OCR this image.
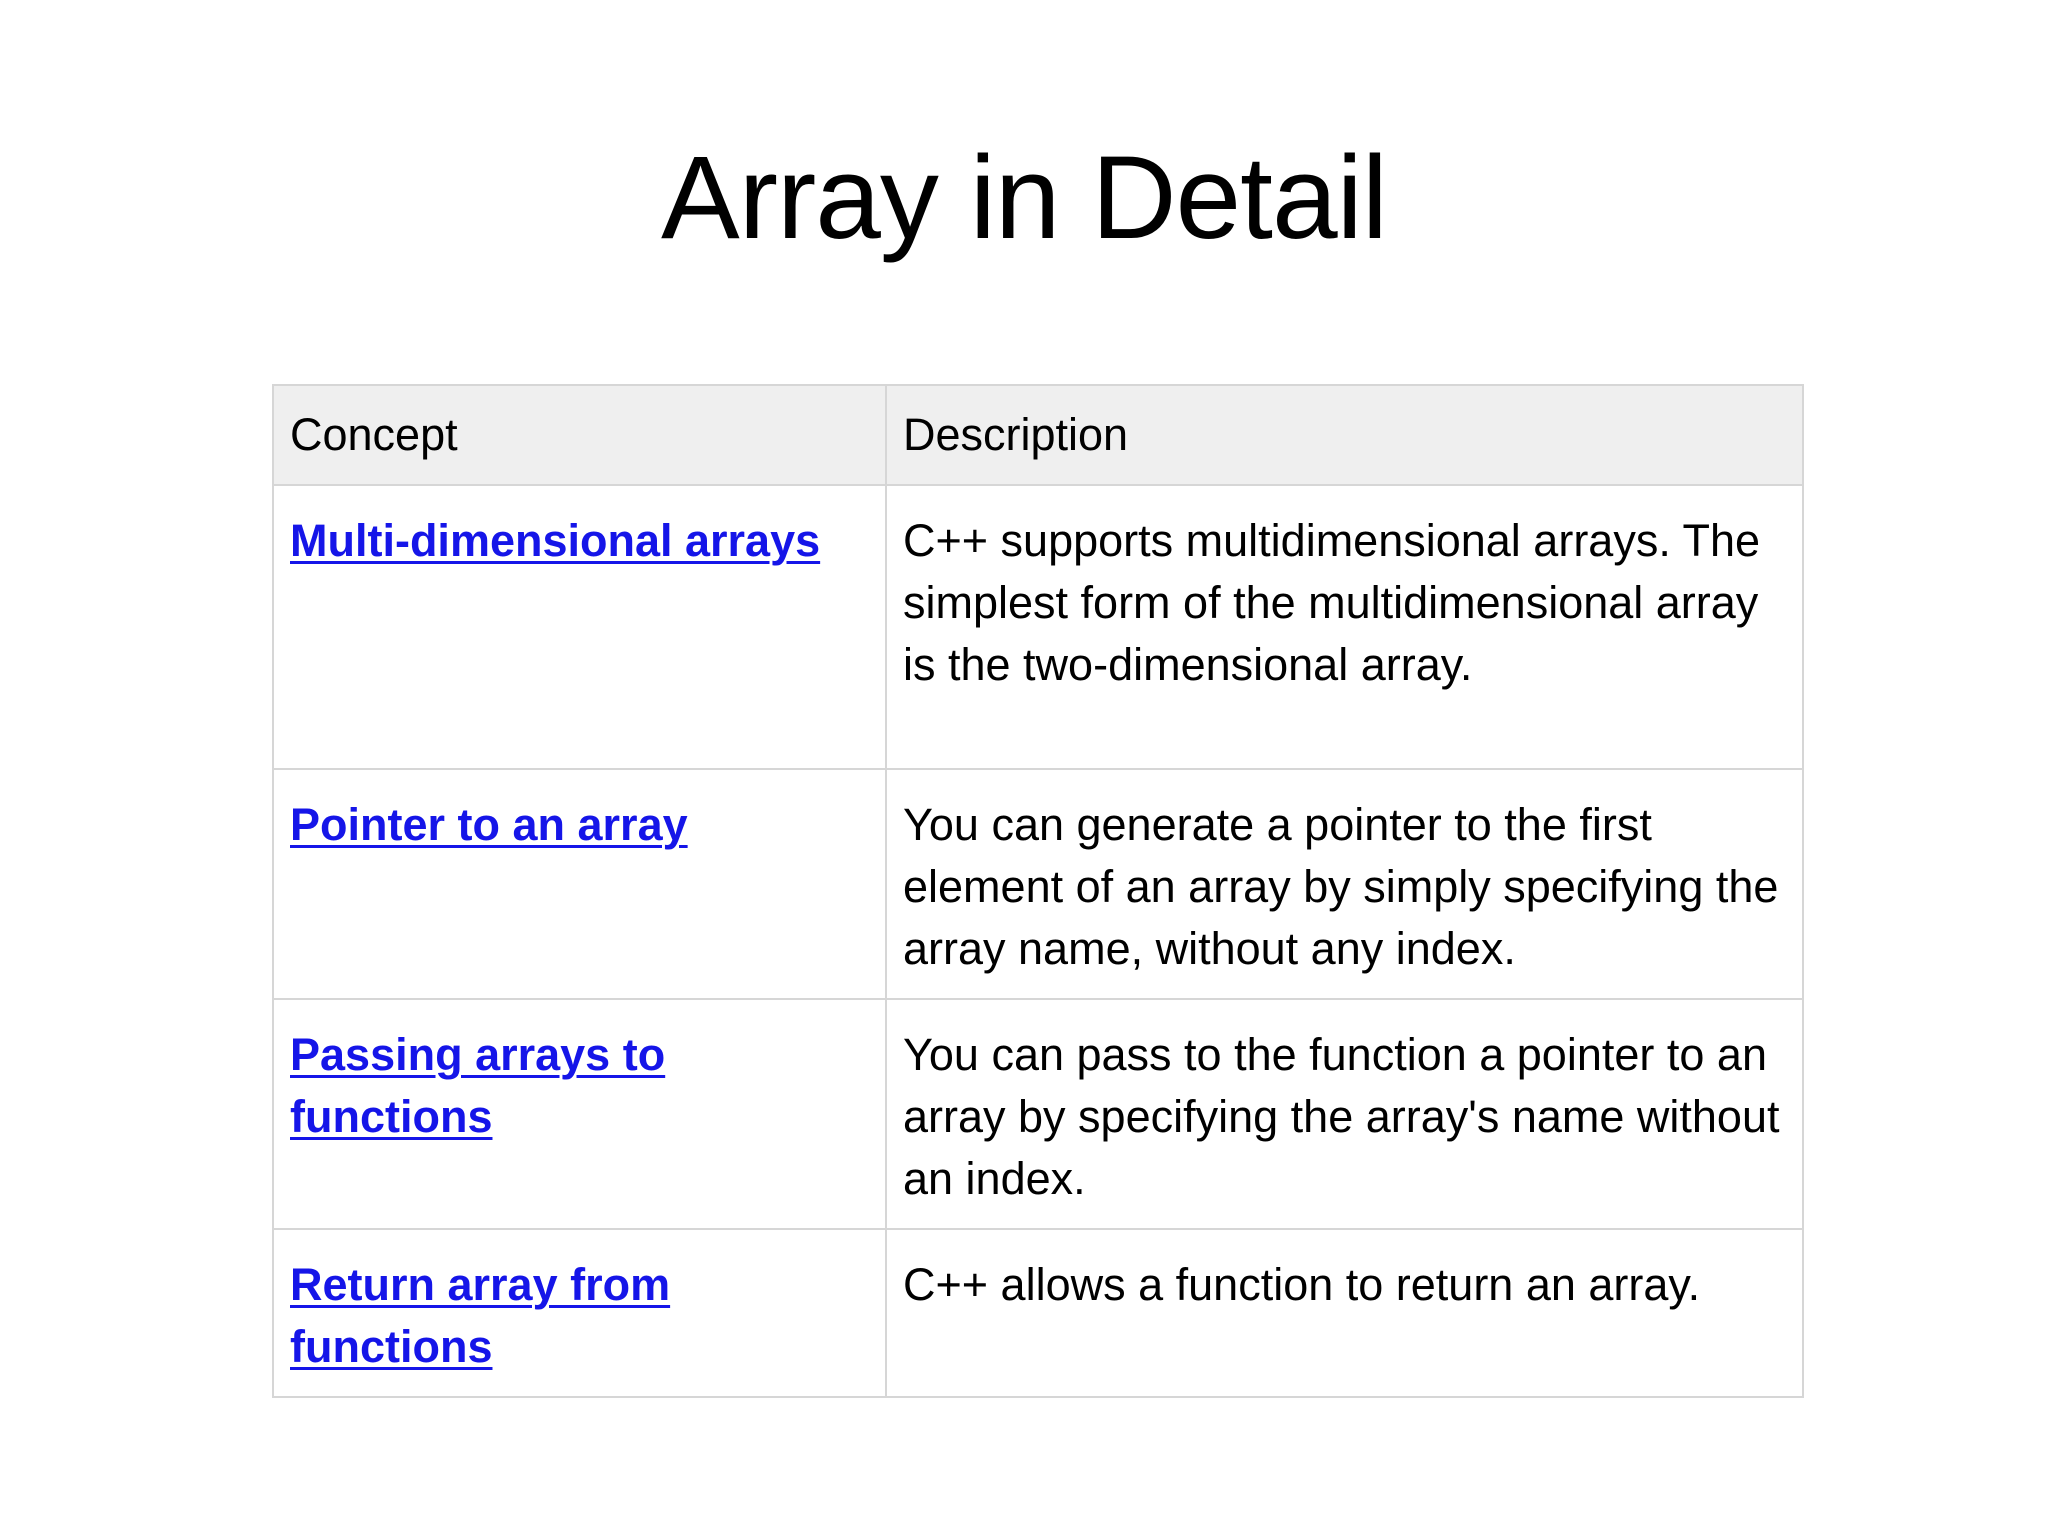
Array in Detail
Concept	Description
Multi-dimensional arrays	C++ supports multidimensional arrays. The simplest form of the multidimensional array is the two-dimensional array.
Pointer to an array	You can generate a pointer to the first element of an array by simply specifying the array name, without any index.
Passing arrays to functions	You can pass to the function a pointer to an array by specifying the array's name without an index.
Return array from functions	C++ allows a function to return an array.
